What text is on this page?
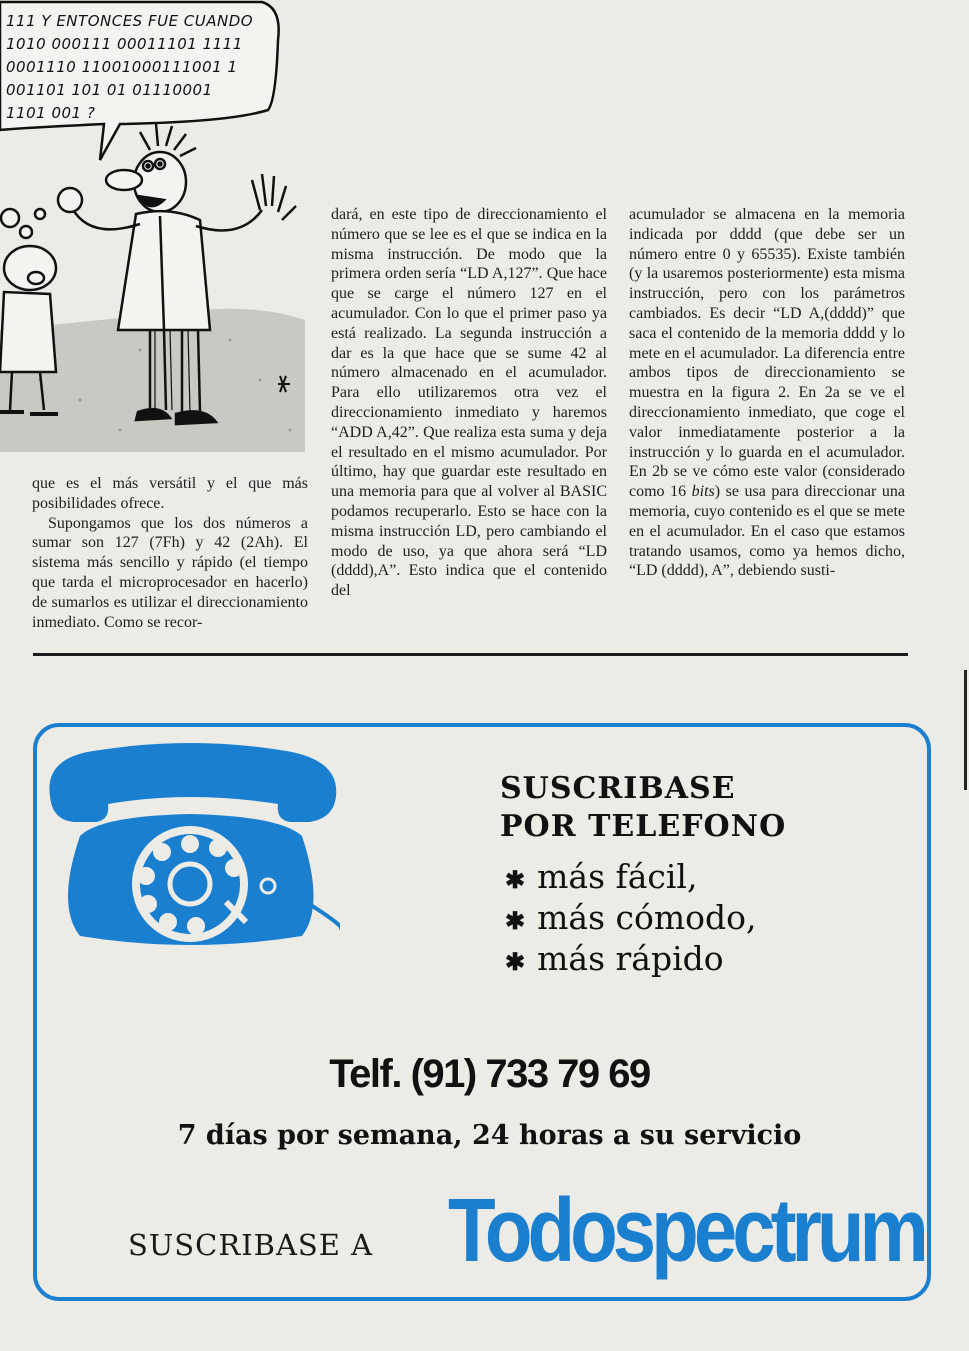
111 Y ENTONCES FUE CUANDO
1010 000111 00011101 1111
0001110 11001000111001 1
001101 101 01 01110001
1101 001 ?

que es el más versátil y el que más posibilidades ofrece.

Supongamos que los dos números a sumar son 127 (7Fh) y 42 (2Ah). El sistema más sencillo y rápido (el tiempo que tarda el microprocesador en hacerlo) de sumarlos es utilizar el direccionamiento inmediato. Como se recor-

dará, en este tipo de direccionamiento el número que se lee es el que se indica en la misma instrucción. De modo que la primera orden sería “LD A,127”. Que hace que se carge el número 127 en el acumulador. Con lo que el primer paso ya está realizado. La segunda instrucción a dar es la que hace que se sume 42 al número almacenado en el acumulador. Para ello utilizaremos otra vez el direccionamiento inmediato y haremos “ADD A,42”. Que realiza esta suma y deja el resultado en el mismo acumulador. Por último, hay que guardar este resultado en una memoria para que al volver al BASIC podamos recuperarlo. Esto se hace con la misma instrucción LD, pero cambiando el modo de uso, ya que ahora será “LD (dddd),A”. Esto indica que el contenido del

acumulador se almacena en la memoria indicada por dddd (que debe ser un número entre 0 y 65535). Existe también (y la usaremos posteriormente) esta misma instrucción, pero con los parámetros cambiados. Es decir “LD A,(dddd)” que saca el contenido de la memoria dddd y lo mete en el acumulador. La diferencia entre ambos tipos de direccionamiento se muestra en la figura 2. En 2a se ve el direccionamiento inmediato, que coge el valor inmediatamente posterior a la instrucción y lo guarda en el acumulador. En 2b se ve cómo este valor (considerado como 16 bits) se usa para direccionar una memoria, cuyo contenido es el que se mete en el acumulador. En el caso que estamos tratando usamos, como ya hemos dicho, “LD (dddd), A”, debiendo susti-

SUSCRIBASE
POR TELEFONO
✱ más fácil,
✱ más cómodo,
✱ más rápido
Telf. (91) 733 79 69
7 días por semana, 24 horas a su servicio
SUSCRIBASE A Todospectrum
